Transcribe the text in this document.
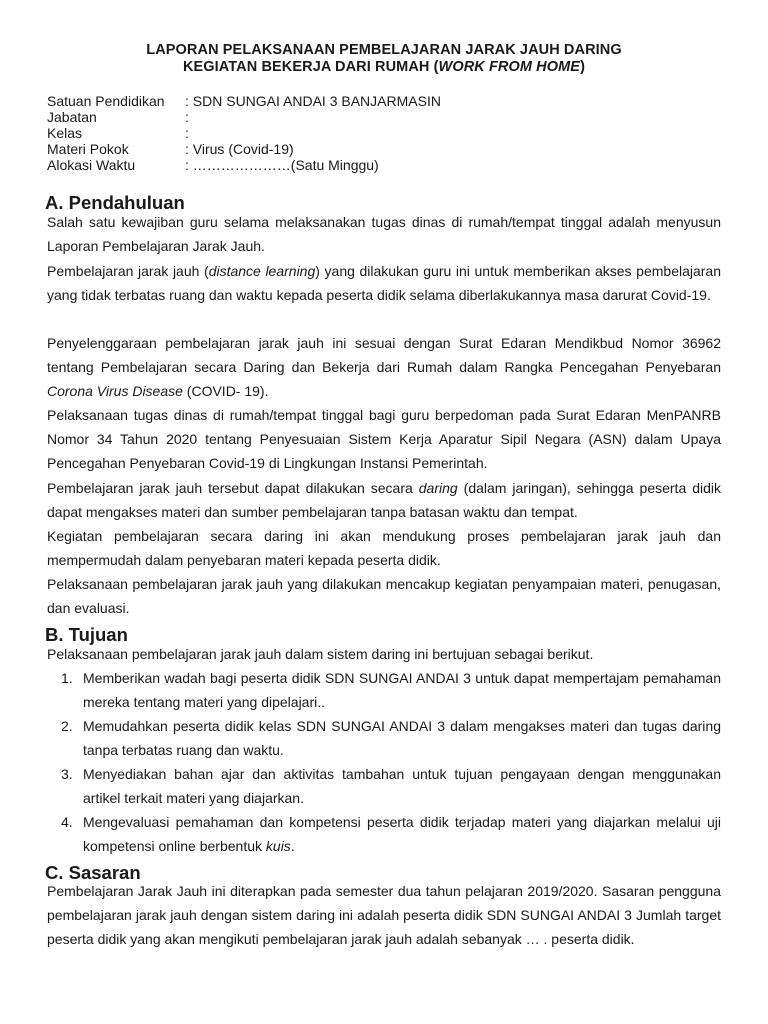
LAPORAN PELAKSANAAN PEMBELAJARAN JARAK JAUH DARING
KEGIATAN BEKERJA DARI RUMAH (WORK FROM HOME)
Satuan Pendidikan : SDN SUNGAI ANDAI 3 BANJARMASIN
Jabatan	:
Kelas	:
Materi Pokok	: Virus (Covid-19)
Alokasi Waktu	: …………………(Satu Minggu)
A. Pendahuluan

Salah satu kewajiban guru selama melaksanakan tugas dinas di rumah/tempat tinggal adalah menyusun Laporan Pembelajaran Jarak Jauh.

Pembelajaran jarak jauh (distance learning) yang dilakukan guru ini untuk memberikan akses pembelajaran yang tidak terbatas ruang dan waktu kepada peserta didik selama diberlakukannya masa darurat Covid-19.

Penyelenggaraan pembelajaran jarak jauh ini sesuai dengan Surat Edaran Mendikbud Nomor 36962 tentang Pembelajaran secara Daring dan Bekerja dari Rumah dalam Rangka Pencegahan Penyebaran Corona Virus Disease (COVID- 19).

Pelaksanaan tugas dinas di rumah/tempat tinggal bagi guru berpedoman pada Surat Edaran MenPANRB Nomor 34 Tahun 2020 tentang Penyesuaian Sistem Kerja Aparatur Sipil Negara (ASN) dalam Upaya Pencegahan Penyebaran Covid-19 di Lingkungan Instansi Pemerintah.

Pembelajaran jarak jauh tersebut dapat dilakukan secara daring (dalam jaringan), sehingga peserta didik dapat mengakses materi dan sumber pembelajaran tanpa batasan waktu dan tempat.

Kegiatan pembelajaran secara daring ini akan mendukung proses pembelajaran jarak jauh dan mempermudah dalam penyebaran materi kepada peserta didik.

Pelaksanaan pembelajaran jarak jauh yang dilakukan mencakup kegiatan penyampaian materi, penugasan, dan evaluasi.

B. Tujuan

Pelaksanaan pembelajaran jarak jauh dalam sistem daring ini bertujuan sebagai berikut.

1. Memberikan wadah bagi peserta didik SDN SUNGAI ANDAI 3 untuk dapat mempertajam pemahaman mereka tentang materi yang dipelajari..
2. Memudahkan peserta didik kelas SDN SUNGAI ANDAI 3 dalam mengakses materi dan tugas daring tanpa terbatas ruang dan waktu.
3. Menyediakan bahan ajar dan aktivitas tambahan untuk tujuan pengayaan dengan menggunakan artikel terkait materi yang diajarkan.
4. Mengevaluasi pemahaman dan kompetensi peserta didik terjadap materi yang diajarkan melalui uji kompetensi online berbentuk kuis.
C. Sasaran

Pembelajaran Jarak Jauh ini diterapkan pada semester dua tahun pelajaran 2019/2020. Sasaran pengguna pembelajaran jarak jauh dengan sistem daring ini adalah peserta didik SDN SUNGAI ANDAI 3 Jumlah target peserta didik yang akan mengikuti pembelajaran jarak jauh adalah sebanyak … . peserta didik.
